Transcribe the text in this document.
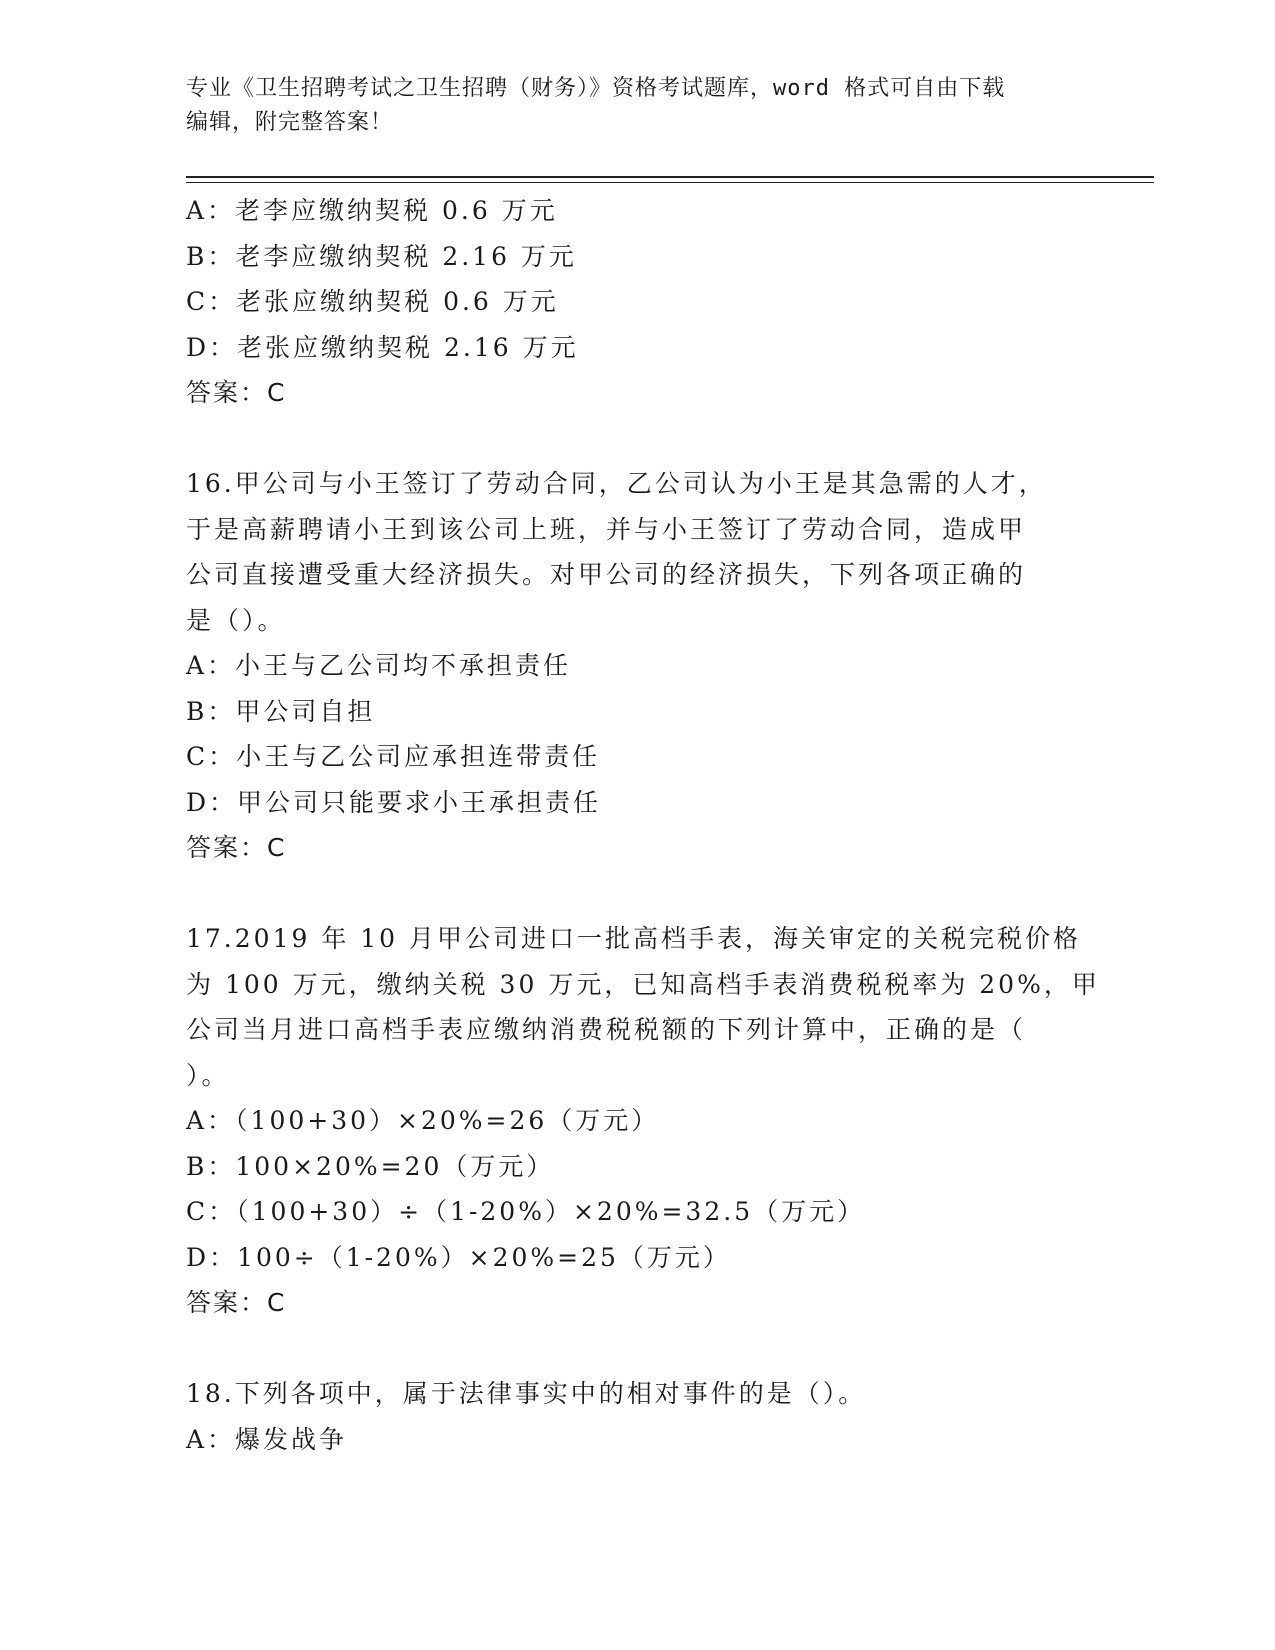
专业《卫生招聘考试之卫生招聘（财务）》资格考试题库，word 格式可自由下载
编辑，附完整答案！
A：老李应缴纳契税 0.6 万元
B：老李应缴纳契税 2.16 万元
C：老张应缴纳契税 0.6 万元
D：老张应缴纳契税 2.16 万元
答案：C
16.甲公司与小王签订了劳动合同，乙公司认为小王是其急需的人才，
于是高薪聘请小王到该公司上班，并与小王签订了劳动合同，造成甲
公司直接遭受重大经济损失。对甲公司的经济损失，下列各项正确的
是（）。
A：小王与乙公司均不承担责任
B：甲公司自担
C：小王与乙公司应承担连带责任
D：甲公司只能要求小王承担责任
答案：C
17.2019 年 10 月甲公司进口一批高档手表，海关审定的关税完税价格
为 100 万元，缴纳关税 30 万元，已知高档手表消费税税率为 20%，甲
公司当月进口高档手表应缴纳消费税税额的下列计算中，正确的是（
）。
A：（100+30）×20%=26（万元）
B：100×20%=20（万元）
C：（100+30）÷（1-20%）×20%=32.5（万元）
D：100÷（1-20%）×20%=25（万元）
答案：C
18.下列各项中，属于法律事实中的相对事件的是（）。
A：爆发战争
